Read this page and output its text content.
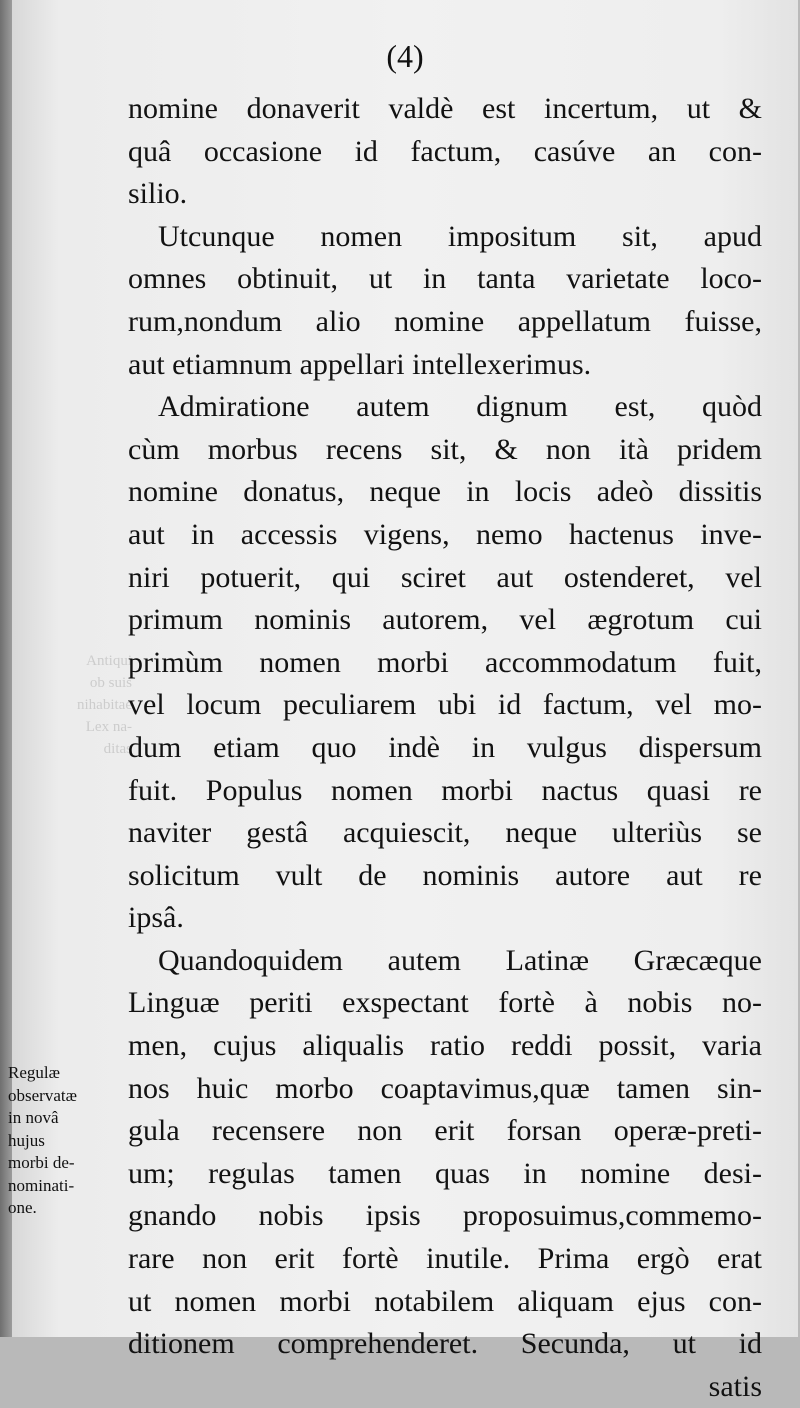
(4)
Antiqui
ob suis
nihabitae
Lex na-
ditas
nomine donaverit valdè est incertum, ut &
quâ occasione id factum, casúve an con-
silio.
Utcunque nomen impositum sit, apud
omnes obtinuit, ut in tanta varietate loco-
rum,nondum alio nomine appellatum fuisse,
aut etiamnum appellari intellexerimus.
Admiratione autem dignum est, quòd
cùm morbus recens sit, & non ità pridem
nomine donatus, neque in locis adeò dissitis
aut in accessis vigens, nemo hactenus inve-
niri potuerit, qui sciret aut ostenderet, vel
primum nominis autorem, vel ægrotum cui
primùm nomen morbi accommodatum fuit,
vel locum peculiarem ubi id factum, vel mo-
dum etiam quo indè in vulgus dispersum
fuit. Populus nomen morbi nactus quasi re
naviter gestâ acquiescit, neque ulteriùs se
solicitum vult de nominis autore aut re
ipsâ.
Quandoquidem autem Latinæ Græcæque
Linguæ periti exspectant fortè à nobis no-
men, cujus aliqualis ratio reddi possit, varia
nos huic morbo coaptavimus,quæ tamen sin-
gula recensere non erit forsan operæ-preti-
um; regulas tamen quas in nomine desi-
gnando nobis ipsis proposuimus,commemo-
rare non erit fortè inutile. Prima ergò erat
ut nomen morbi notabilem aliquam ejus con-
ditionem comprehenderet. Secunda, ut id
satis
Regulæ
observatæ
in novâ
hujus
morbi de-
nominati-
one.
